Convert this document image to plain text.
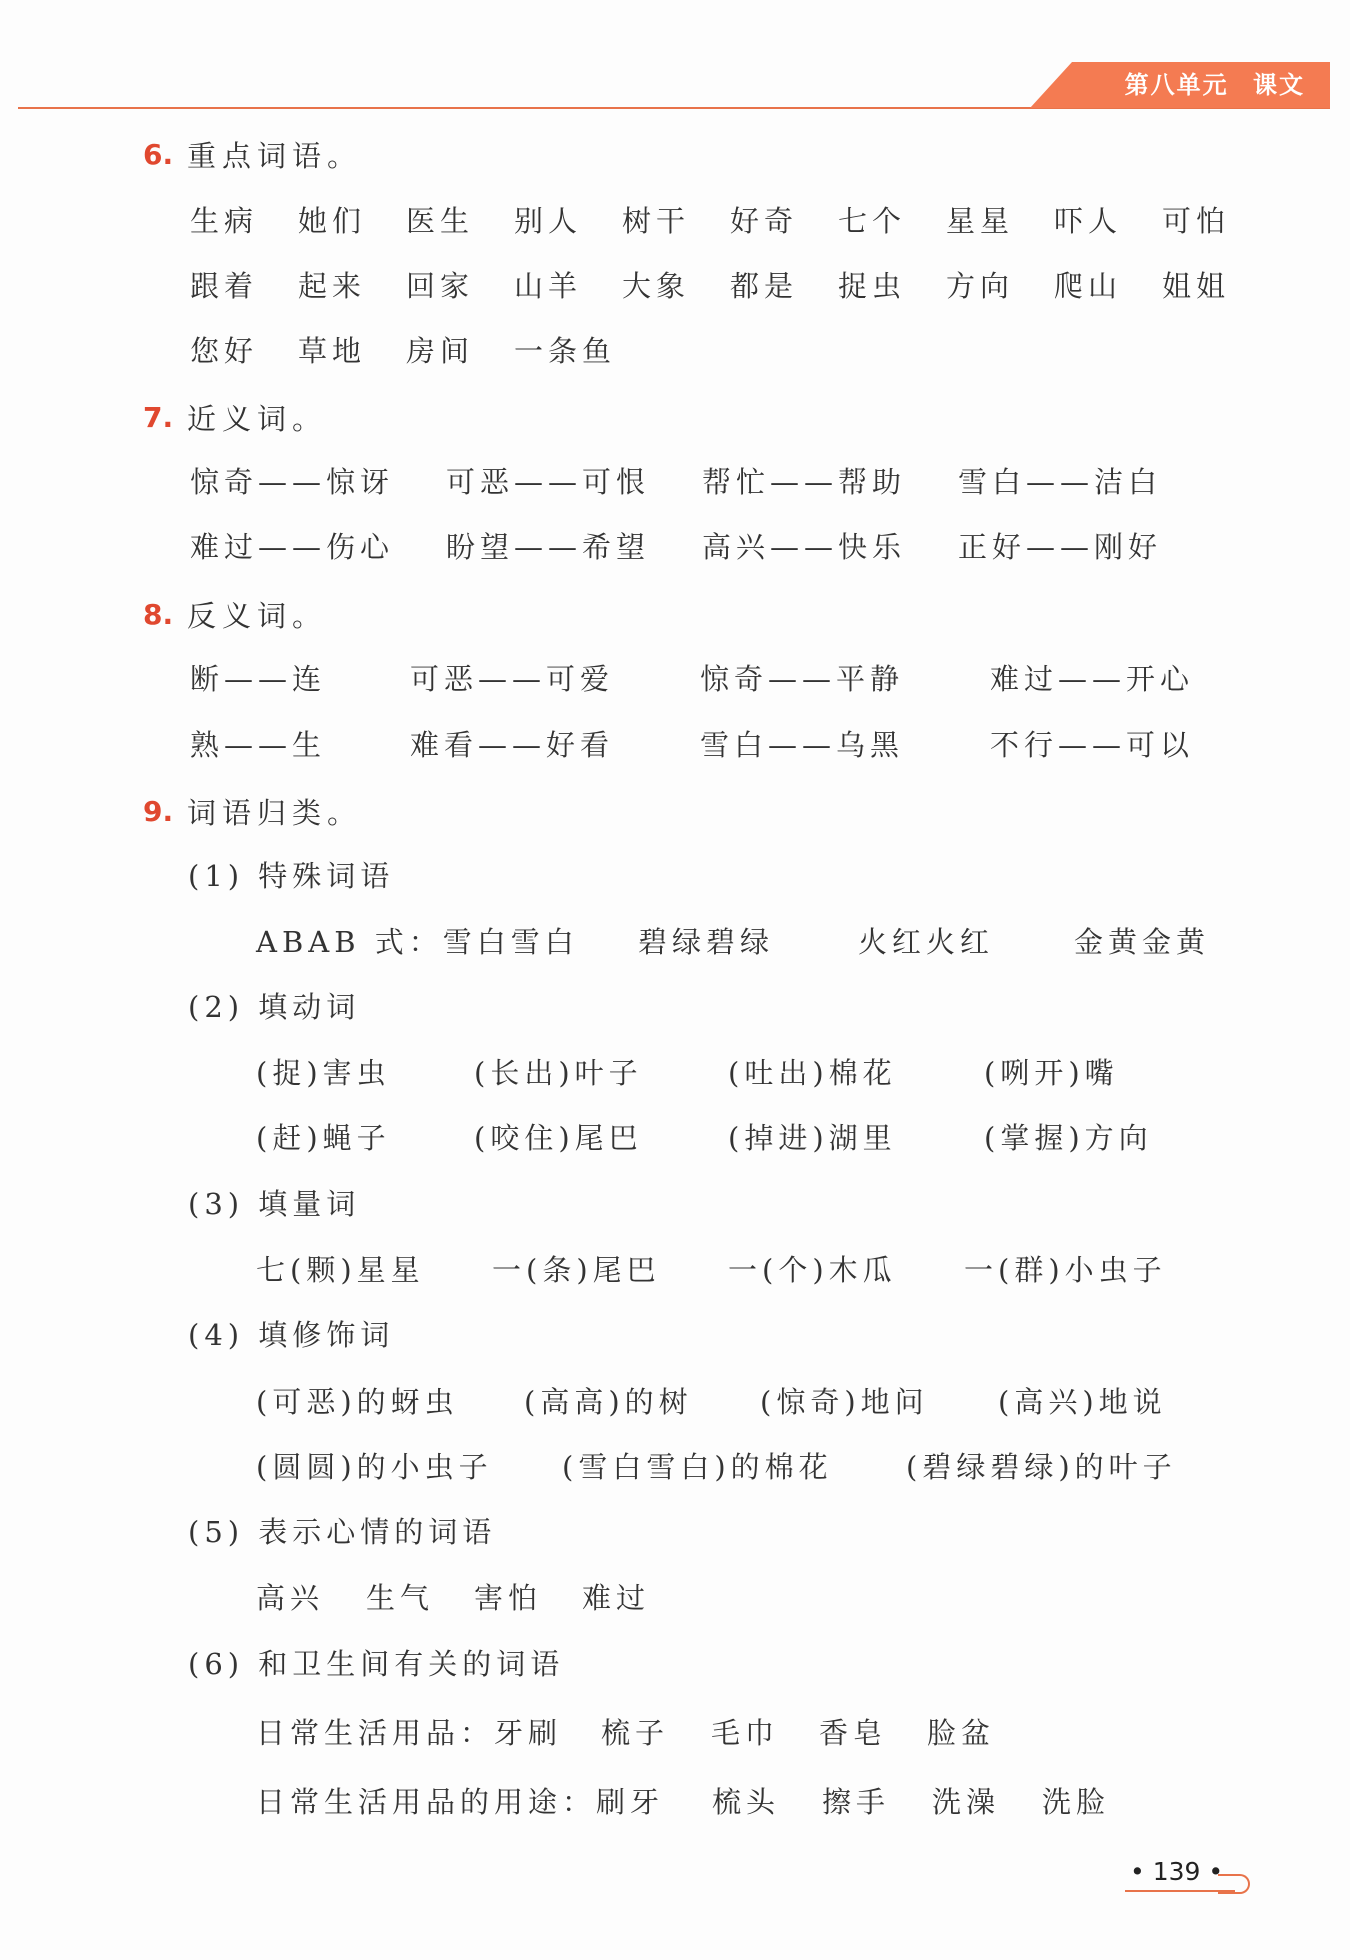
第八单元 课文
6. 重点词语。
生病 她们 医生 别人 树干 好奇 七个 星星 吓人 可怕
跟着 起来 回家 山羊 大象 都是 捉虫 方向 爬山 姐姐
您好 草地 房间 一条鱼
7. 近义词。
惊奇——惊讶 可恶——可恨 帮忙——帮助 雪白——洁白
难过——伤心 盼望——希望 高兴——快乐 正好——刚好
8. 反义词。
断——连	可恶——可爱	惊奇——平静	难过——开心
熟——生	难看——好看	雪白——乌黑	不行——可以
9. 词语归类。
(1) 特殊词语
ABAB 式：雪白雪白 碧绿碧绿	火红火红	金黄金黄
(2) 填动词
(捉)害虫	(长出)叶子	(吐出)棉花	(咧开)嘴
(赶)蝇子	(咬住)尾巴	(掉进)湖里	(掌握)方向
(3) 填量词
七(颗)星星 一(条)尾巴 一(个)木瓜 一(群)小虫子
(4) 填修饰词
(可恶)的蚜虫 (高高)的树 (惊奇)地问 (高兴)地说
(圆圆)的小虫子 (雪白雪白)的棉花	(碧绿碧绿)的叶子
(5) 表示心情的词语
高兴 生气 害怕 难过
(6) 和卫生间有关的词语
日常生活用品：牙刷 梳子 毛巾 香皂 脸盆
日常生活用品的用途：刷牙 梳头 擦手 洗澡 洗脸
• 139 •
